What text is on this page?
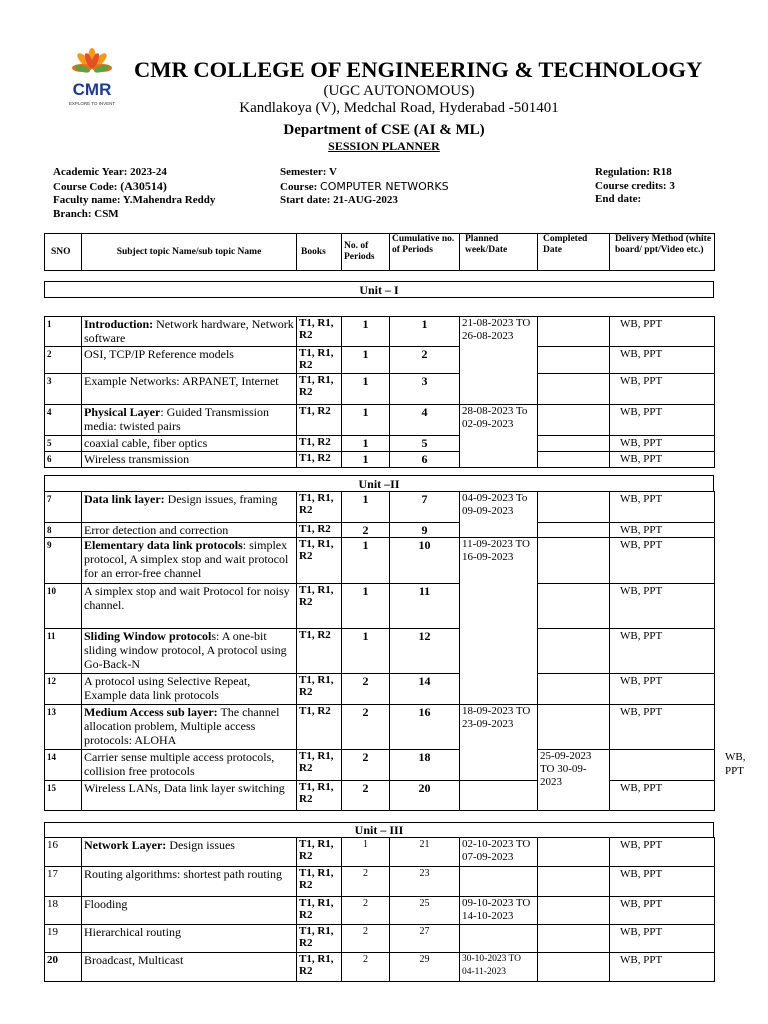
CMR
EXPLORE TO INVENT
CMR COLLEGE OF ENGINEERING & TECHNOLOGY
(UGC AUTONOMOUS)
Kandlakoya (V), Medchal Road, Hyderabad -501401
Department of CSE (AI & ML)
SESSION PLANNER
Academic Year: 2023-24
Course Code: (A30514)
Faculty name: Y.Mahendra Reddy
Branch: CSM
Semester: V
Course: COMPUTER NETWORKS
Start date: 21-AUG-2023
Regulation: R18
Course credits: 3
End date:
SNO	Subject topic Name/sub topic Name	Books	No. of Periods	Cumulative no. of Periods	Planned week/Date	Completed Date	Delivery Method (white board/ ppt/Video etc.)
Unit – I
1	Introduction: Network hardware, Network software	T1, R1, R2	1	1	21-08-2023 TO 26-08-2023		WB, PPT
2	OSI, TCP/IP Reference models	T1, R1, R2	1	2			WB, PPT
3	Example Networks: ARPANET, Internet	T1, R1, R2	1	3			WB, PPT
4	Physical Layer: Guided Transmission media: twisted pairs	T1, R2	1	4	28-08-2023 To 02-09-2023		WB, PPT
5	coaxial cable, fiber optics	T1, R2	1	5			WB, PPT
6	Wireless transmission	T1, R2	1	6			WB, PPT
Unit –II
7	Data link layer: Design issues, framing	T1, R1, R2	1	7	04-09-2023 To 09-09-2023		WB, PPT	
8	Error detection and correction	T1, R2	2	9			WB, PPT	
9	Elementary data link protocols: simplex protocol, A simplex stop and wait protocol for an error-free channel	T1, R1, R2	1	10	11-09-2023 TO 16-09-2023		WB, PPT	
10	A simplex stop and wait Protocol for noisy channel.	T1, R1, R2	1	11			WB, PPT	
11	Sliding Window protocols: A one-bit sliding window protocol, A protocol using Go-Back-N	T1, R2	1	12			WB, PPT	
12	A protocol using Selective Repeat, Example data link protocols	T1, R1, R2	2	14			WB, PPT	
13	Medium Access sub layer: The channel allocation problem, Multiple access protocols: ALOHA	T1, R2	2	16	18-09-2023 TO 23-09-2023		WB, PPT	
14	Carrier sense multiple access protocols, collision free protocols	T1, R1, R2	2	18		25-09-2023 TO 30-09-2023		WB, PPT
15	Wireless LANs, Data link layer switching	T1, R1, R2	2	20			WB, PPT	
Unit – III
16	Network Layer: Design issues	T1, R1, R2	1	21	02-10-2023 TO 07-09-2023		WB, PPT
17	Routing algorithms: shortest path routing	T1, R1, R2	2	23			WB, PPT
18	Flooding	T1, R1, R2	2	25	09-10-2023 TO 14-10-2023		WB, PPT
19	Hierarchical routing	T1, R1, R2	2	27			WB, PPT
20	Broadcast, Multicast	T1, R1, R2	2	29	30-10-2023 TO 04-11-2023		WB, PPT
